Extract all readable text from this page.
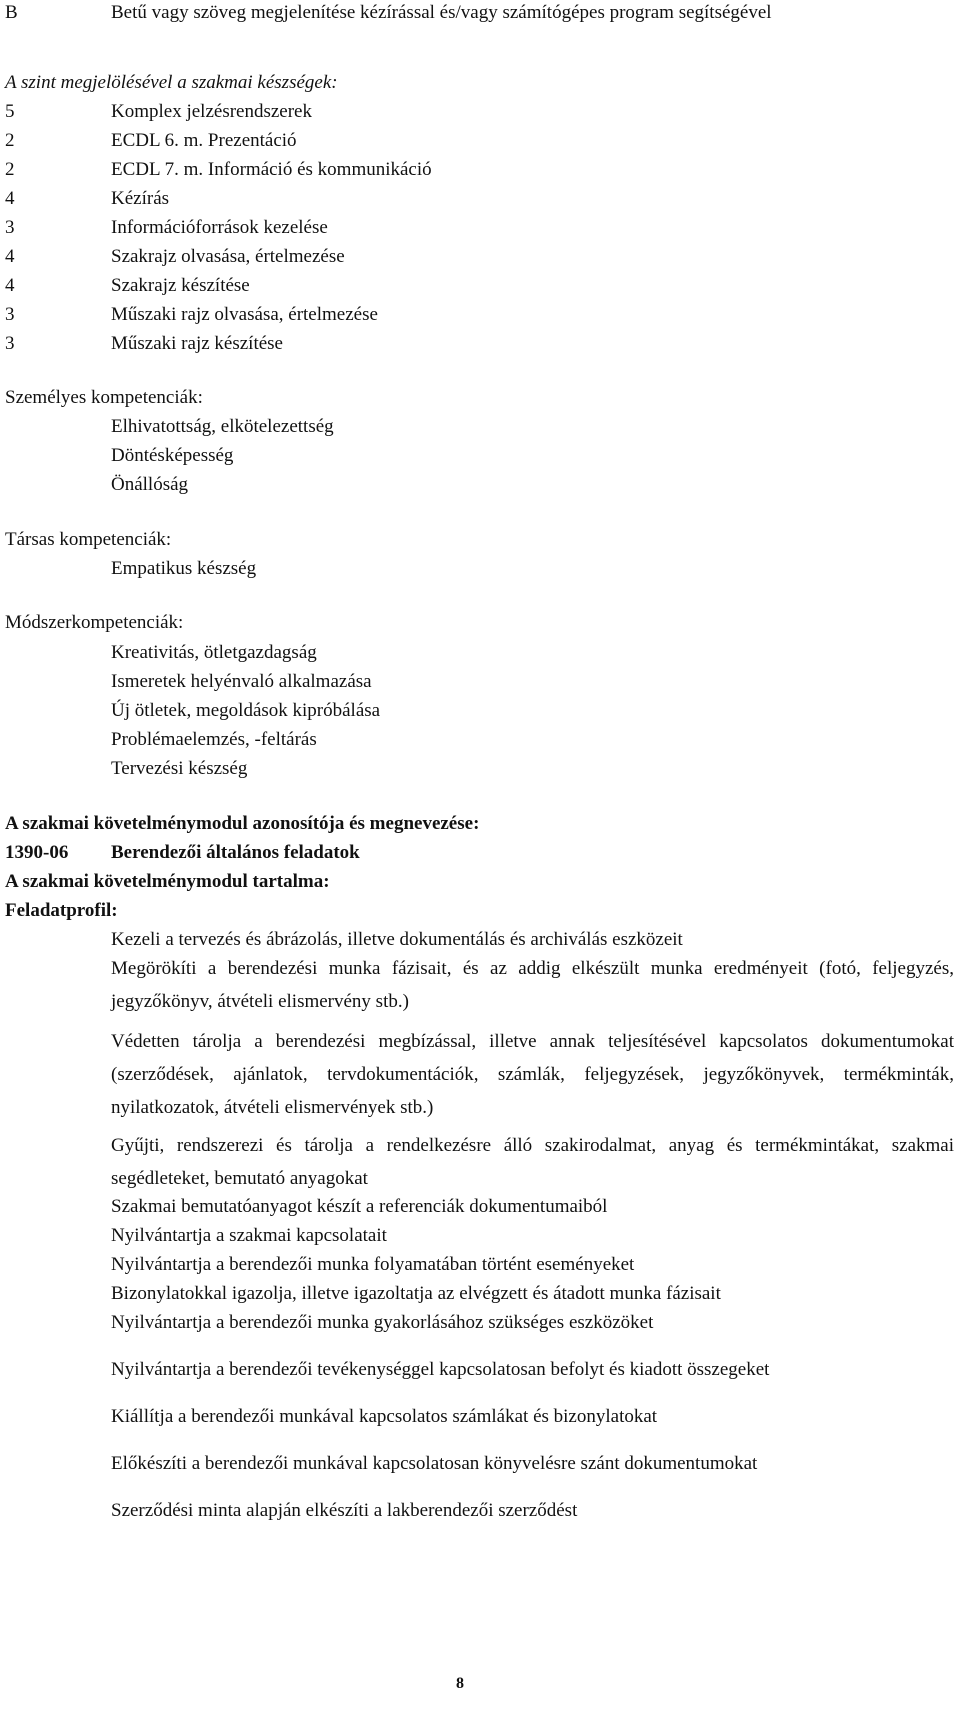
B	Betű vagy szöveg megjelenítése kézírással és/vagy számítógépes program segítségével
A szint megjelölésével a szakmai készségek:
5	Komplex jelzésrendszerek
2	ECDL 6. m. Prezentáció
2	ECDL 7. m. Információ és kommunikáció
4	Kézírás
3	Információforrások kezelése
4	Szakrajz olvasása, értelmezése
4	Szakrajz készítése
3	Műszaki rajz olvasása, értelmezése
3	Műszaki rajz készítése
Személyes kompetenciák:
Elhivatottság, elkötelezettség
Döntésképesség
Önállóság
Társas kompetenciák:
Empatikus készség
Módszerkompetenciák:
Kreativitás, ötletgazdagság
Ismeretek helyénvaló alkalmazása
Új ötletek, megoldások kipróbálása
Problémaelemzés, -feltárás
Tervezési készség
A szakmai követelménymodul azonosítója és megnevezése:
1390-06 Berendezői általános feladatok
A szakmai követelménymodul tartalma:
Feladatprofil:
Kezeli a tervezés és ábrázolás, illetve dokumentálás és archiválás eszközeit
Megörökíti a berendezési munka fázisait, és az addig elkészült munka eredményeit (fotó, feljegyzés, jegyzőkönyv, átvételi elismervény stb.)
Védetten tárolja a berendezési megbízással, illetve annak teljesítésével kapcsolatos dokumentumokat (szerződések, ajánlatok, tervdokumentációk, számlák, feljegyzések, jegyzőkönyvek, termékminták, nyilatkozatok, átvételi elismervények stb.)
Gyűjti, rendszerezi és tárolja a rendelkezésre álló szakirodalmat, anyag és termékmintákat, szakmai segédleteket, bemutató anyagokat
Szakmai bemutatóanyagot készít a referenciák dokumentumaiból
Nyilvántartja a szakmai kapcsolatait
Nyilvántartja a berendezői munka folyamatában történt eseményeket
Bizonylatokkal igazolja, illetve igazoltatja az elvégzett és átadott munka fázisait
Nyilvántartja a berendezői munka gyakorlásához szükséges eszközöket
Nyilvántartja a berendezői tevékenységgel kapcsolatosan befolyt és kiadott összegeket
Kiállítja a berendezői munkával kapcsolatos számlákat és bizonylatokat
Előkészíti a berendezői munkával kapcsolatosan könyvelésre szánt dokumentumokat
Szerződési minta alapján elkészíti a lakberendezői szerződést
8
